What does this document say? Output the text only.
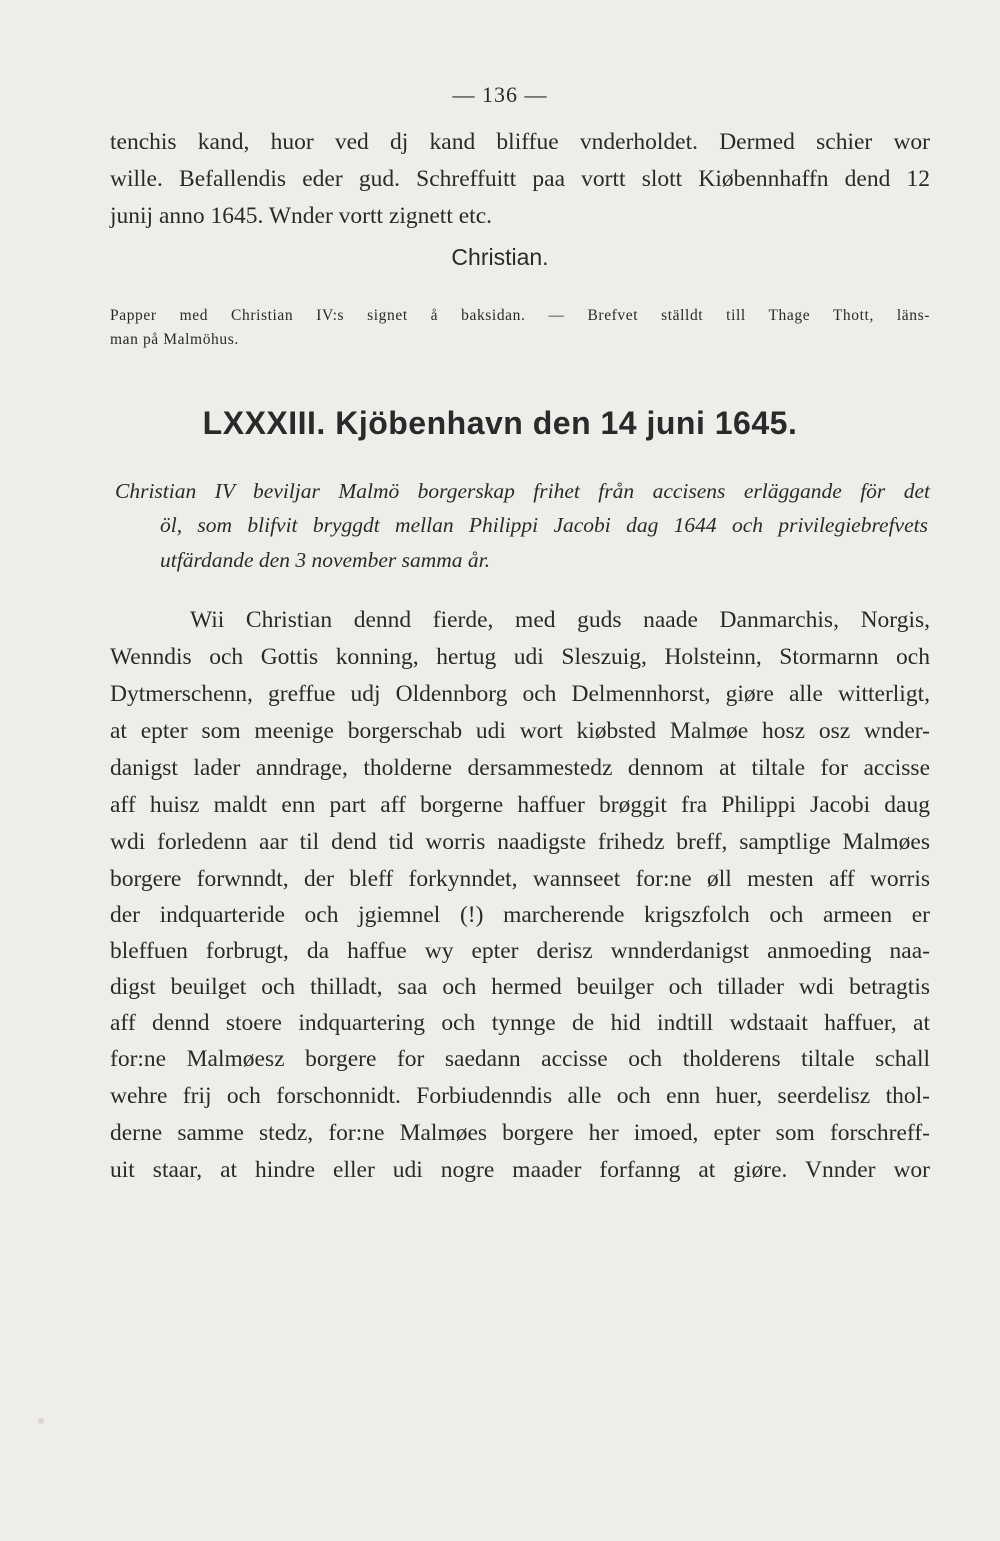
— 136 —
tenchis kand, huor ved dj kand bliffue vnderholdet. Dermed schier wor
wille. Befallendis eder gud. Schreffuitt paa vortt slott Kiøbennhaffn dend 12
junij anno 1645. Wnder vortt zignett etc.
Christian.
Papper med Christian IV:s signet å baksidan. — Brefvet ställdt till Thage Thott, läns-
man på Malmöhus.
LXXXIII. Kjöbenhavn den 14 juni 1645.
Christian IV beviljar Malmö borgerskap frihet från accisens erläggande för det
öl, som blifvit bryggdt mellan Philippi Jacobi dag 1644 och privilegiebrefvets
utfärdande den 3 november samma år.
Wii Christian dennd fierde, med guds naade Danmarchis, Norgis,
Wenndis och Gottis konning, hertug udi Sleszuig, Holsteinn, Stormarnn och
Dytmerschenn, greffue udj Oldennborg och Delmennhorst, giøre alle witterligt,
at epter som meenige borgerschab udi wort kiøbsted Malmøe hosz osz wnder-
danigst lader anndrage, tholderne dersammestedz dennom at tiltale for accisse
aff huisz maldt enn part aff borgerne haffuer brøggit fra Philippi Jacobi daug
wdi forledenn aar til dend tid worris naadigste frihedz breff, samptlige Malmøes
borgere forwnndt, der bleff forkynndet, wannseet for:ne øll mesten aff worris
der indquarteride och jgiemnel (!) marcherende krigszfolch och armeen er
bleffuen forbrugt, da haffue wy epter derisz wnnderdanigst anmoeding naa-
digst beuilget och thilladt, saa och hermed beuilger och tillader wdi betragtis
aff dennd stoere indquartering och tynnge de hid indtill wdstaait haffuer, at
for:ne Malmøesz borgere for saedann accisse och tholderens tiltale schall
wehre frij och forschonnidt. Forbiudenndis alle och enn huer, seerdelisz thol-
derne samme stedz, for:ne Malmøes borgere her imoed, epter som forschreff-
uit staar, at hindre eller udi nogre maader forfanng at giøre. Vnnder wor
